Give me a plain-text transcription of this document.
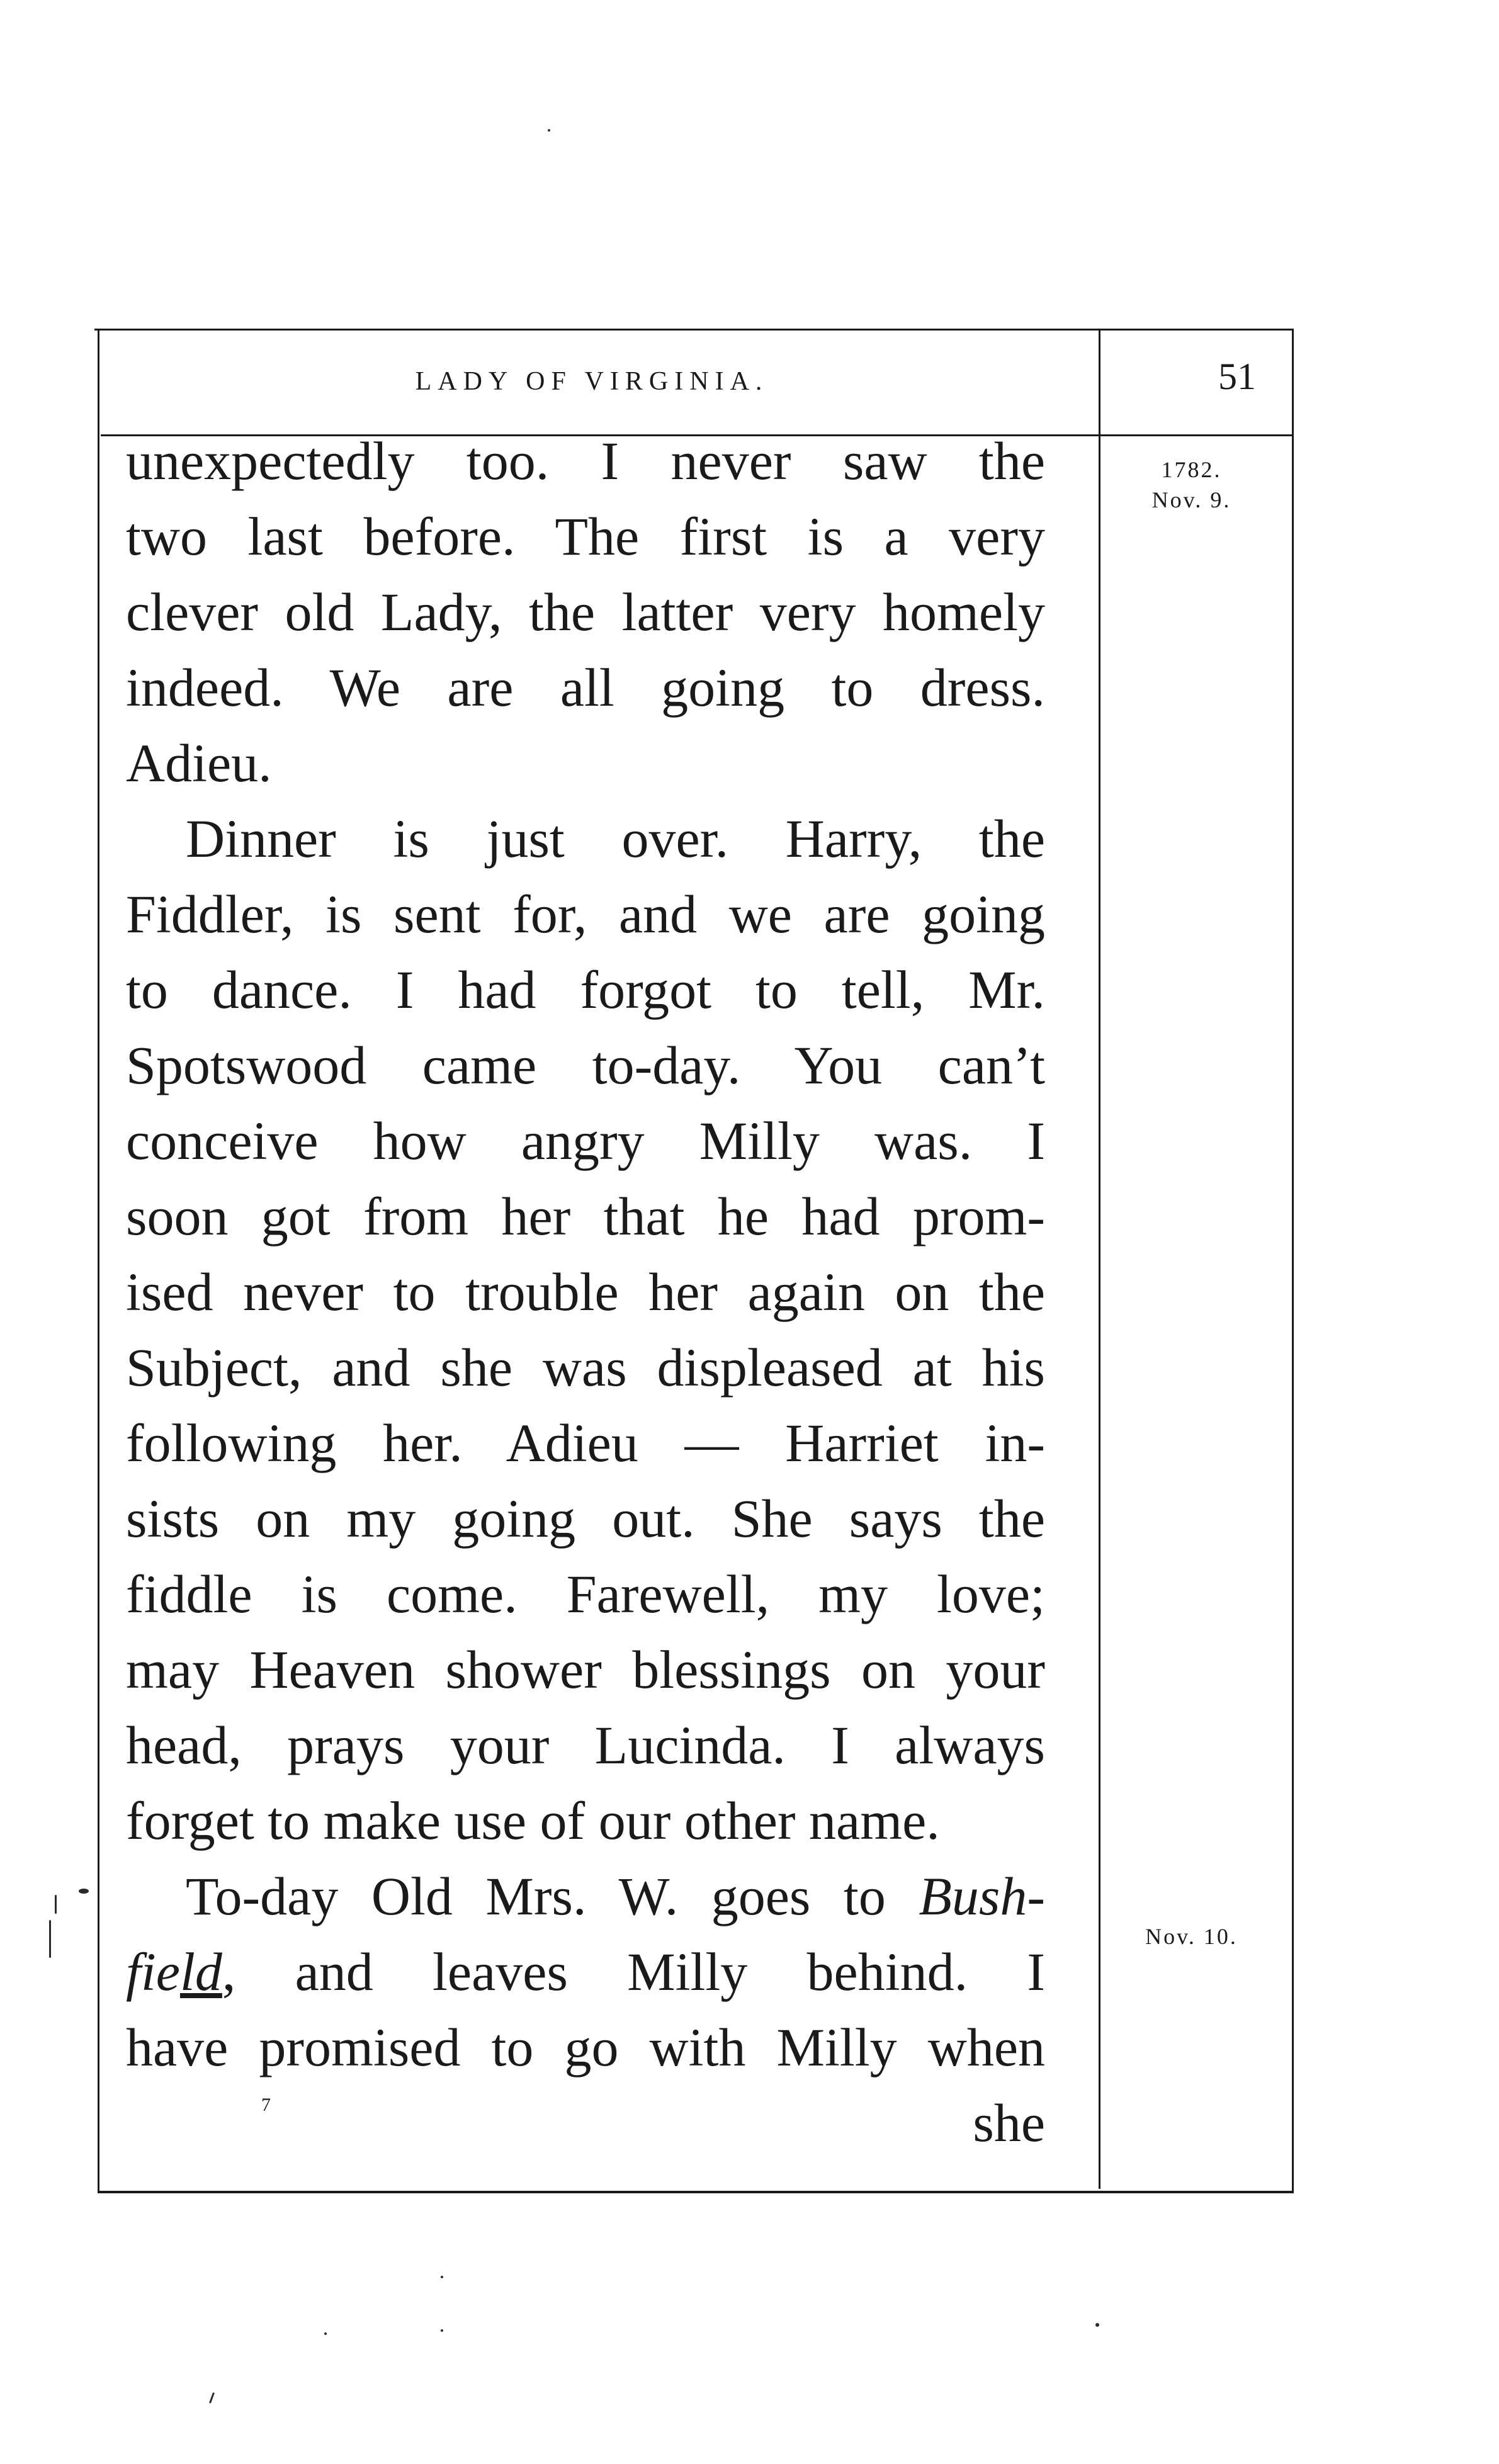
LADY OF VIRGINIA.	51
1782.
Nov. 9.
Nov. 10.
unexpectedly too. I never saw the
two last before. The first is a very
clever old Lady, the latter very homely
indeed. We are all going to dress.
Adieu.
Dinner is just over. Harry, the
Fiddler, is sent for, and we are going
to dance. I had forgot to tell, Mr.
Spotswood came to-day. You can’t
conceive how angry Milly was. I
soon got from her that he had prom-
ised never to trouble her again on the
Subject, and she was displeased at his
following her. Adieu — Harriet in-
sists on my going out. She says the
fiddle is come. Farewell, my love;
may Heaven shower blessings on your
head, prays your Lucinda. I always
forget to make use of our other name.
To-day Old Mrs. W. goes to Bush-
field, and leaves Milly behind. I
have promised to go with Milly when
7	she
